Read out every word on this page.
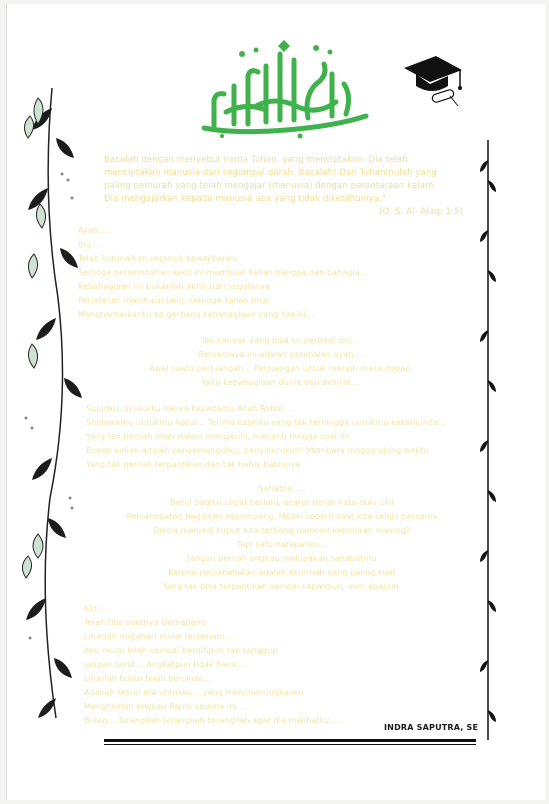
Bacalah dengan menyebut nama Tuhan, yang menciptakan. Dia telah
menciptakan manusia dari segumpal darah. Bacalah! Dan Tuhanmulah yang
paling pemurah yang telah mengajar (manusia) dengan perantaraan kalam.
Dia mengajarkan kepada manusia apa yang tidak diketahuinya."
(Q. S. Al- Alaq: 1-5)
Ayah.....
Ibu.....
Telah kutunaikan sepucuk kewajibanku
Semoga persembahan kecil ini membuat kalian bangga dan bahagia...
Kebahagiaan ini bukanlah akhir dari segalanya
Perjalanan masih panjang, semoga kalian bisa
Menghantarkanku ke gerbang kebahagiaan yang hakiki...
Tak banyak yang bisa ku perbuat ibu...
Bersamaya ini adalah perenalan ayah...
Awal suatu perjuangan... Perjuangan untuk meraih masa depan
Yaitu kebahagiaan dunia dan akhirat...
Sujudku, syukurku hanya kepadamu Allah Robbi....
Sholawatku untukmu Rosul... Terima kasihku yang tak terhingga untukmu kakanjunda...
Yang tak pernah lelah dalam mengasihi, menanti hingga saat ini
Energi kalian adalah penyemangatku, penyiburukul!! Membara hingga ujung waktu
Yang tak pernah terpantikan dan tak habis-habisnya
Sahabta.....
Betul bagiku cepat berlalu, ecarat benar kata dulu ciliI
Persahabatan bagaikan kepompong, Mbaki seperti saat kita selalu bersama
Diksla menjadi kupuk kita terbang menceri kebiduran masing2
Tapi satu harapanku...
Jangan pernah engkau melupakan sahabatmu
Karena persahabatan adalah akhirnah yang paling kuat
Yang tak bisa terpantikan sampai kapanpun, oleh apapun.
Kini....
Telah tiba saatnya Gemapano
Liharlah matahari mulai terbenam....
Aku mulai lelah sampai berditipun tak sanggup
Jangan takut....Angkatpun tidak hana....
Liharlah bulan telah bersinar....
Adakah sesuil ara untukku....yang menchenungkanku
Menghilalah engkau Raulo selama ini....
Bulan....Terangilah-terangilah-terangilah agar dia melihatku......
INDRA SAPUTRA, SE
